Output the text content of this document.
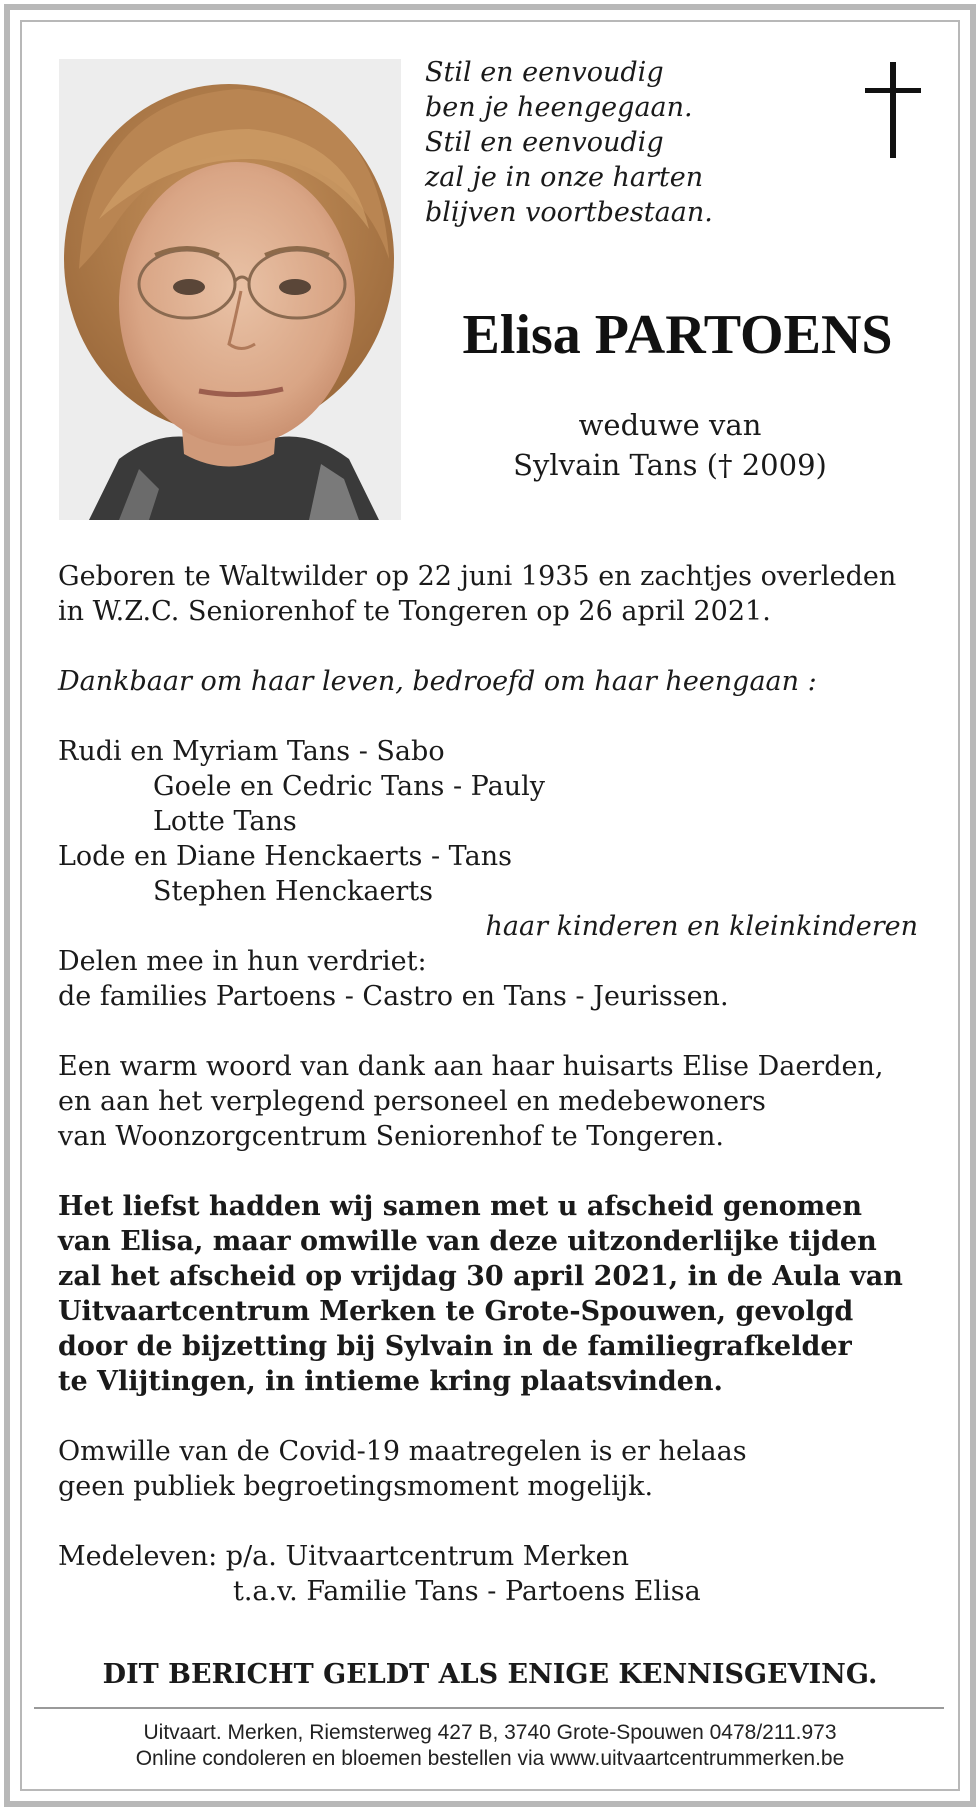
Stil en eenvoudig
ben je heengegaan.
Stil en eenvoudig
zal je in onze harten
blijven voortbestaan.
Elisa PARTOENS
weduwe van
Sylvain Tans († 2009)
Geboren te Waltwilder op 22 juni 1935 en zachtjes overleden
in W.Z.C. Seniorenhof te Tongeren op 26 april 2021.
Dankbaar om haar leven, bedroefd om haar heengaan :
Rudi en Myriam Tans - Sabo
Goele en Cedric Tans - Pauly
Lotte Tans
Lode en Diane Henckaerts - Tans
Stephen Henckaerts
haar kinderen en kleinkinderen
Delen mee in hun verdriet:
de families Partoens - Castro en Tans - Jeurissen.
Een warm woord van dank aan haar huisarts Elise Daerden,
en aan het verplegend personeel en medebewoners
van Woonzorgcentrum Seniorenhof te Tongeren.
Het liefst hadden wij samen met u afscheid genomen
van Elisa, maar omwille van deze uitzonderlijke tijden
zal het afscheid op vrijdag 30 april 2021, in de Aula van
Uitvaartcentrum Merken te Grote-Spouwen, gevolgd
door de bijzetting bij Sylvain in de familiegrafkelder
te Vlijtingen, in intieme kring plaatsvinden.
Omwille van de Covid-19 maatregelen is er helaas
geen publiek begroetingsmoment mogelijk.
Medeleven: p/a. Uitvaartcentrum Merken
t.a.v. Familie Tans - Partoens Elisa
DIT BERICHT GELDT ALS ENIGE KENNISGEVING.
Uitvaart. Merken, Riemsterweg 427 B, 3740 Grote-Spouwen 0478/211.973
Online condoleren en bloemen bestellen via www.uitvaartcentrummerken.be
